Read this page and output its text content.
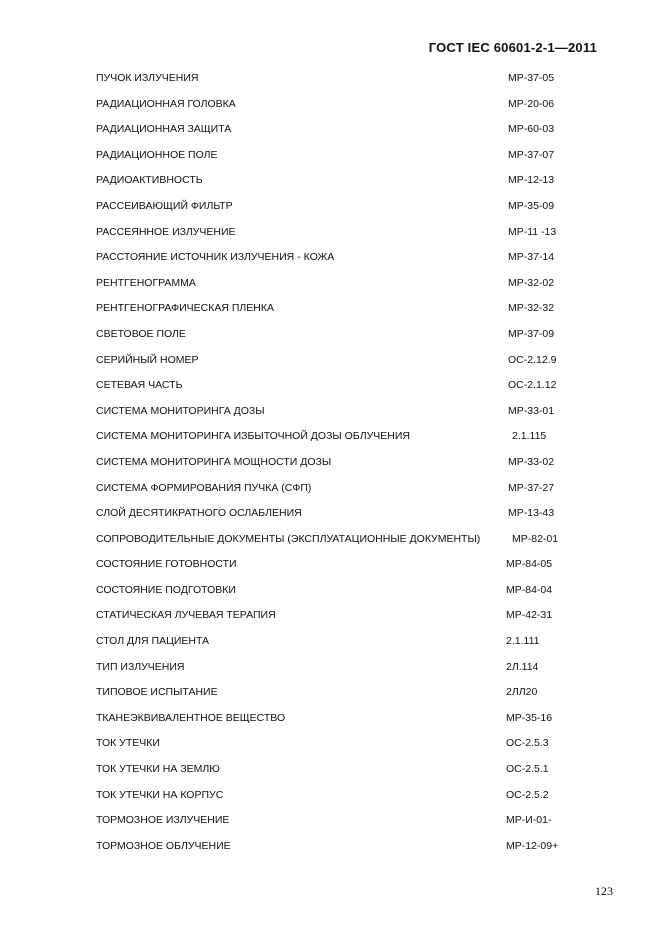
ГОСТ IEC 60601-2-1—2011
ПУЧОК ИЗЛУЧЕНИЯ	МР-37-05
РАДИАЦИОННАЯ ГОЛОВКА	МР-20-06
РАДИАЦИОННАЯ ЗАЩИТА	МР-60-03
РАДИАЦИОННОЕ ПОЛЕ	МР-37-07
РАДИОАКТИВНОСТЬ	МР-12-13
РАССЕИВАЮЩИЙ ФИЛЬТР	МР-35-09
РАССЕЯННОЕ ИЗЛУЧЕНИЕ	МР-11 -13
РАССТОЯНИЕ ИСТОЧНИК ИЗЛУЧЕНИЯ - КОЖА	МР-37-14
РЕНТГЕНОГРАММА	МР-32-02
РЕНТГЕНОГРАФИЧЕСКАЯ ПЛЕНКА	МР-32-32
СВЕТОВОЕ ПОЛЕ	МР-37-09
СЕРИЙНЫЙ НОМЕР	ОС-2.12.9
СЕТЕВАЯ ЧАСТЬ	ОС-2.1.12
СИСТЕМА МОНИТОРИНГА ДОЗЫ	МР-33-01
СИСТЕМА МОНИТОРИНГА ИЗБЫТОЧНОЙ ДОЗЫ ОБЛУЧЕНИЯ	2.1.115
СИСТЕМА МОНИТОРИНГА МОЩНОСТИ ДОЗЫ	МР-33-02
СИСТЕМА ФОРМИРОВАНИЯ ПУЧКА (СФП)	МР-37-27
СЛОЙ ДЕСЯТИКРАТНОГО ОСЛАБЛЕНИЯ	МР-13-43
СОПРОВОДИТЕЛЬНЫЕ ДОКУМЕНТЫ (ЭКСПЛУАТАЦИОННЫЕ ДОКУМЕНТЫ)	МР-82-01
СОСТОЯНИЕ ГОТОВНОСТИ	МР-84-05
СОСТОЯНИЕ ПОДГОТОВКИ	МР-84-04
СТАТИЧЕСКАЯ ЛУЧЕВАЯ ТЕРАПИЯ	МР-42-31
СТОЛ ДЛЯ ПАЦИЕНТА	2.1.111
ТИП ИЗЛУЧЕНИЯ	2Л.114
ТИПОВОЕ ИСПЫТАНИЕ	2ЛЛ20
ТКАНЕЭКВИВАЛЕНТНОЕ ВЕЩЕСТВО	МР-35-16
ТОК УТЕЧКИ	ОС-2.5.3
ТОК УТЕЧКИ НА ЗЕМЛЮ	ОС-2.5.1
ТОК УТЕЧКИ НА КОРПУС	ОС-2.5.2
ТОРМОЗНОЕ ИЗЛУЧЕНИЕ	МР-И-01-
ТОРМОЗНОЕ ОБЛУЧЕНИЕ	МР-12-09+
123
